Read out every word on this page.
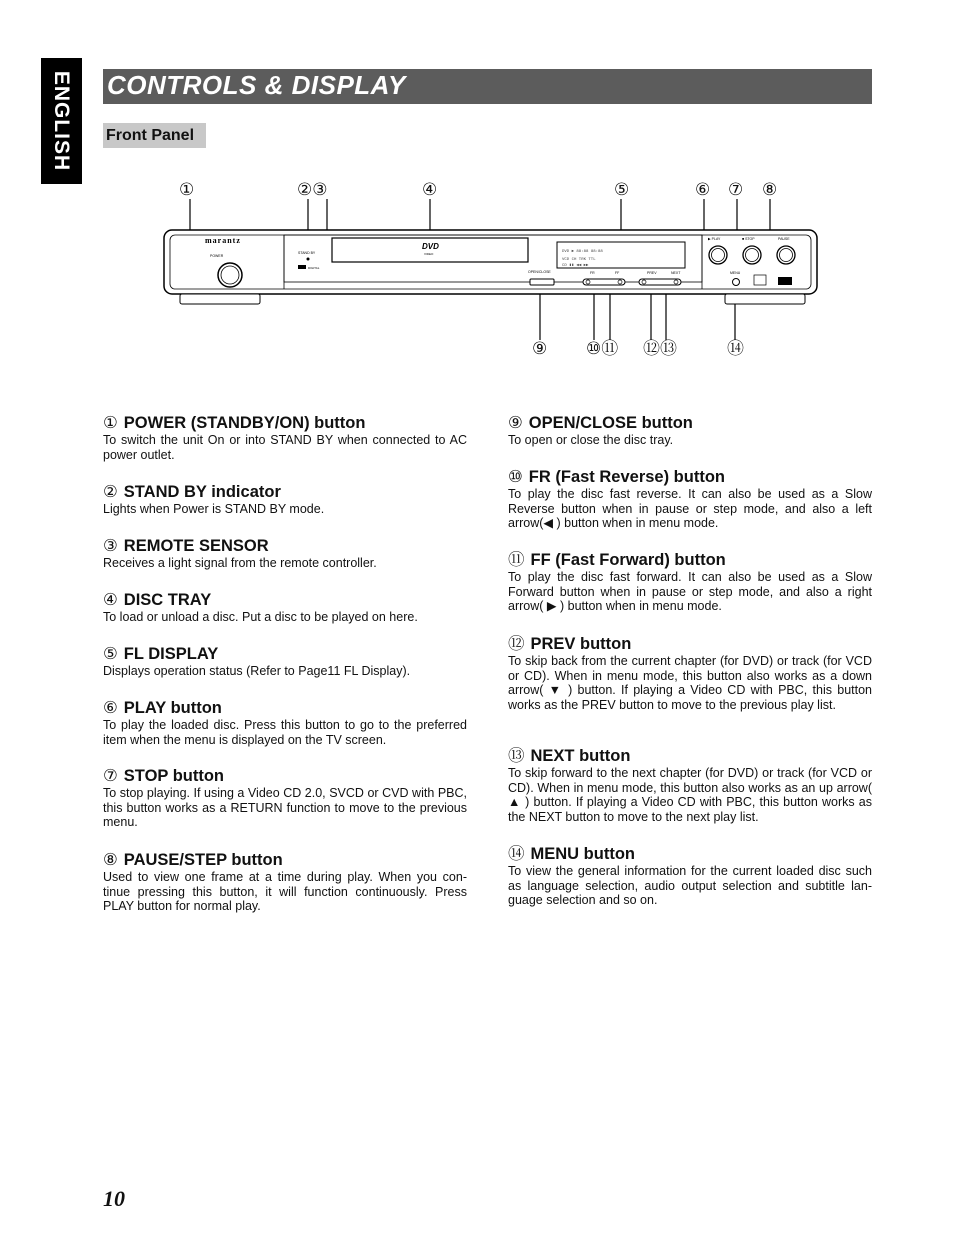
ENGLISH CONTROLS & DISPLAY
Front Panel
①	②③	④	⑤	⑥ ⑦ ⑧
⑨ ⑩⑪ ⑫⑬	⑭
marantz
POWER
STAND BY
DIGITAL
DVD
VIDEO	DVD ▶ 88:88 88:88
VCD CH TRK TTL
CD ▮▮ ◀◀ ▶▶
OPEN/CLOSE	FR	FF	PREV	NEXT
▶ PLAY	■ STOP	PAUSE
MENU
① POWER (STANDBY/ON) button

To switch the unit On or into STAND BY when connected to AC power outlet.

② STAND BY indicator

Lights when Power is STAND BY mode.

③ REMOTE SENSOR

Receives a light signal from the remote controller.

④ DISC TRAY

To load or unload a disc. Put a disc to be played on here.

⑤ FL DISPLAY

Displays operation status (Refer to Page11 FL Display).

⑥ PLAY button

To play the loaded disc. Press this button to go to the preferred item when the menu is displayed on the TV screen.

⑦ STOP button

To stop playing. If using a Video CD 2.0, SVCD or CVD with PBC, this button works as a RETURN function to move to the previous menu.

⑧ PAUSE/STEP button

Used to view one frame at a time during play. When you con-tinue pressing this button, it will function continuously. Press PLAY button for normal play.

⑨ OPEN/CLOSE button

To open or close the disc tray.

⑩ FR (Fast Reverse) button

To play the disc fast reverse. It can also be used as a Slow Reverse button when in pause or step mode, and also a left arrow(◀ ) button when in menu mode.

⑪ FF (Fast Forward) button

To play the disc fast forward. It can also be used as a Slow Forward button when in pause or step mode, and also a right arrow( ▶ ) button when in menu mode.

⑫ PREV button

To skip back from the current chapter (for DVD) or track (for VCD or CD). When in menu mode, this button also works as a down arrow( ▼ ) button. If playing a Video CD with PBC, this button works as the PREV button to move to the previous play list.

⑬ NEXT button

To skip forward to the next chapter (for DVD) or track (for VCD or CD). When in menu mode, this button also works as an up arrow( ▲ ) button. If playing a Video CD with PBC, this button works as the NEXT button to move to the next play list.

⑭ MENU button

To view the general information for the current loaded disc such as language selection, audio output selection and subtitle lan-guage selection and so on.

10
